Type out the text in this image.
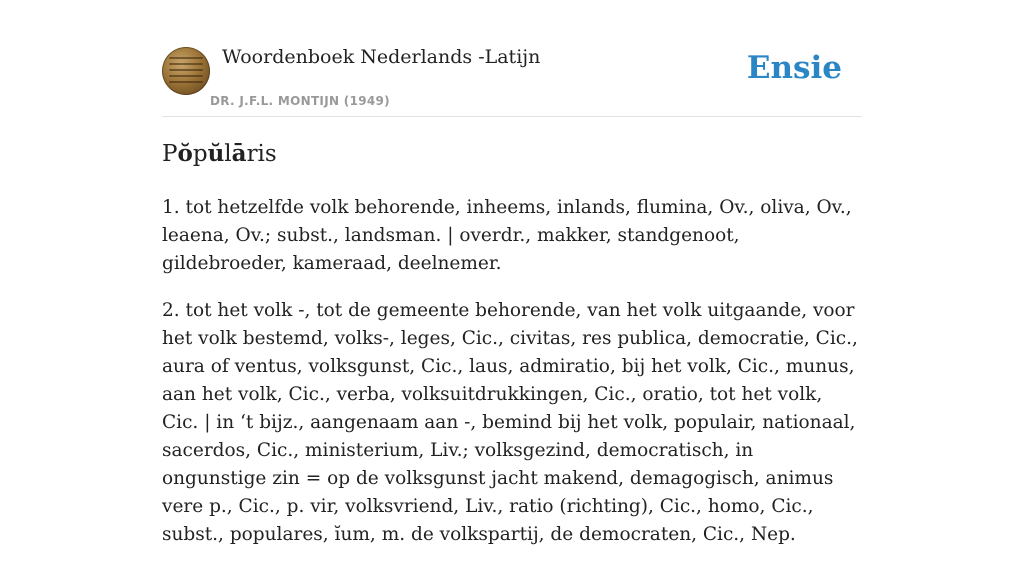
Woordenboek Nederlands -Latijn
DR. J.F.L. MONTIJN (1949)
Ensie
Pŏpŭlāris

1. tot hetzelfde volk behorende, inheems, inlands, flumina, Ov., oliva, Ov., leaena, Ov.; subst., landsman. | overdr., makker, standgenoot, gildebroeder, kameraad, deelnemer.

2. tot het volk -, tot de gemeente behorende, van het volk uitgaande, voor het volk bestemd, volks-, leges, Cic., civitas, res publica, democratie, Cic., aura of ventus, volksgunst, Cic., laus, admiratio, bij het volk, Cic., munus, aan het volk, Cic., verba, volksuitdrukkingen, Cic., oratio, tot het volk, Cic. | in ‘t bijz., aangenaam aan -, bemind bij het volk, populair, nationaal, sacerdos, Cic., ministerium, Liv.; volksgezind, democratisch, in ongunstige zin = op de volksgunst jacht makend, demagogisch, animus vere p., Cic., p. vir, volksvriend, Liv., ratio (richting), Cic., homo, Cic., subst., populares, ĭum, m. de volkspartij, de democraten, Cic., Nep.
